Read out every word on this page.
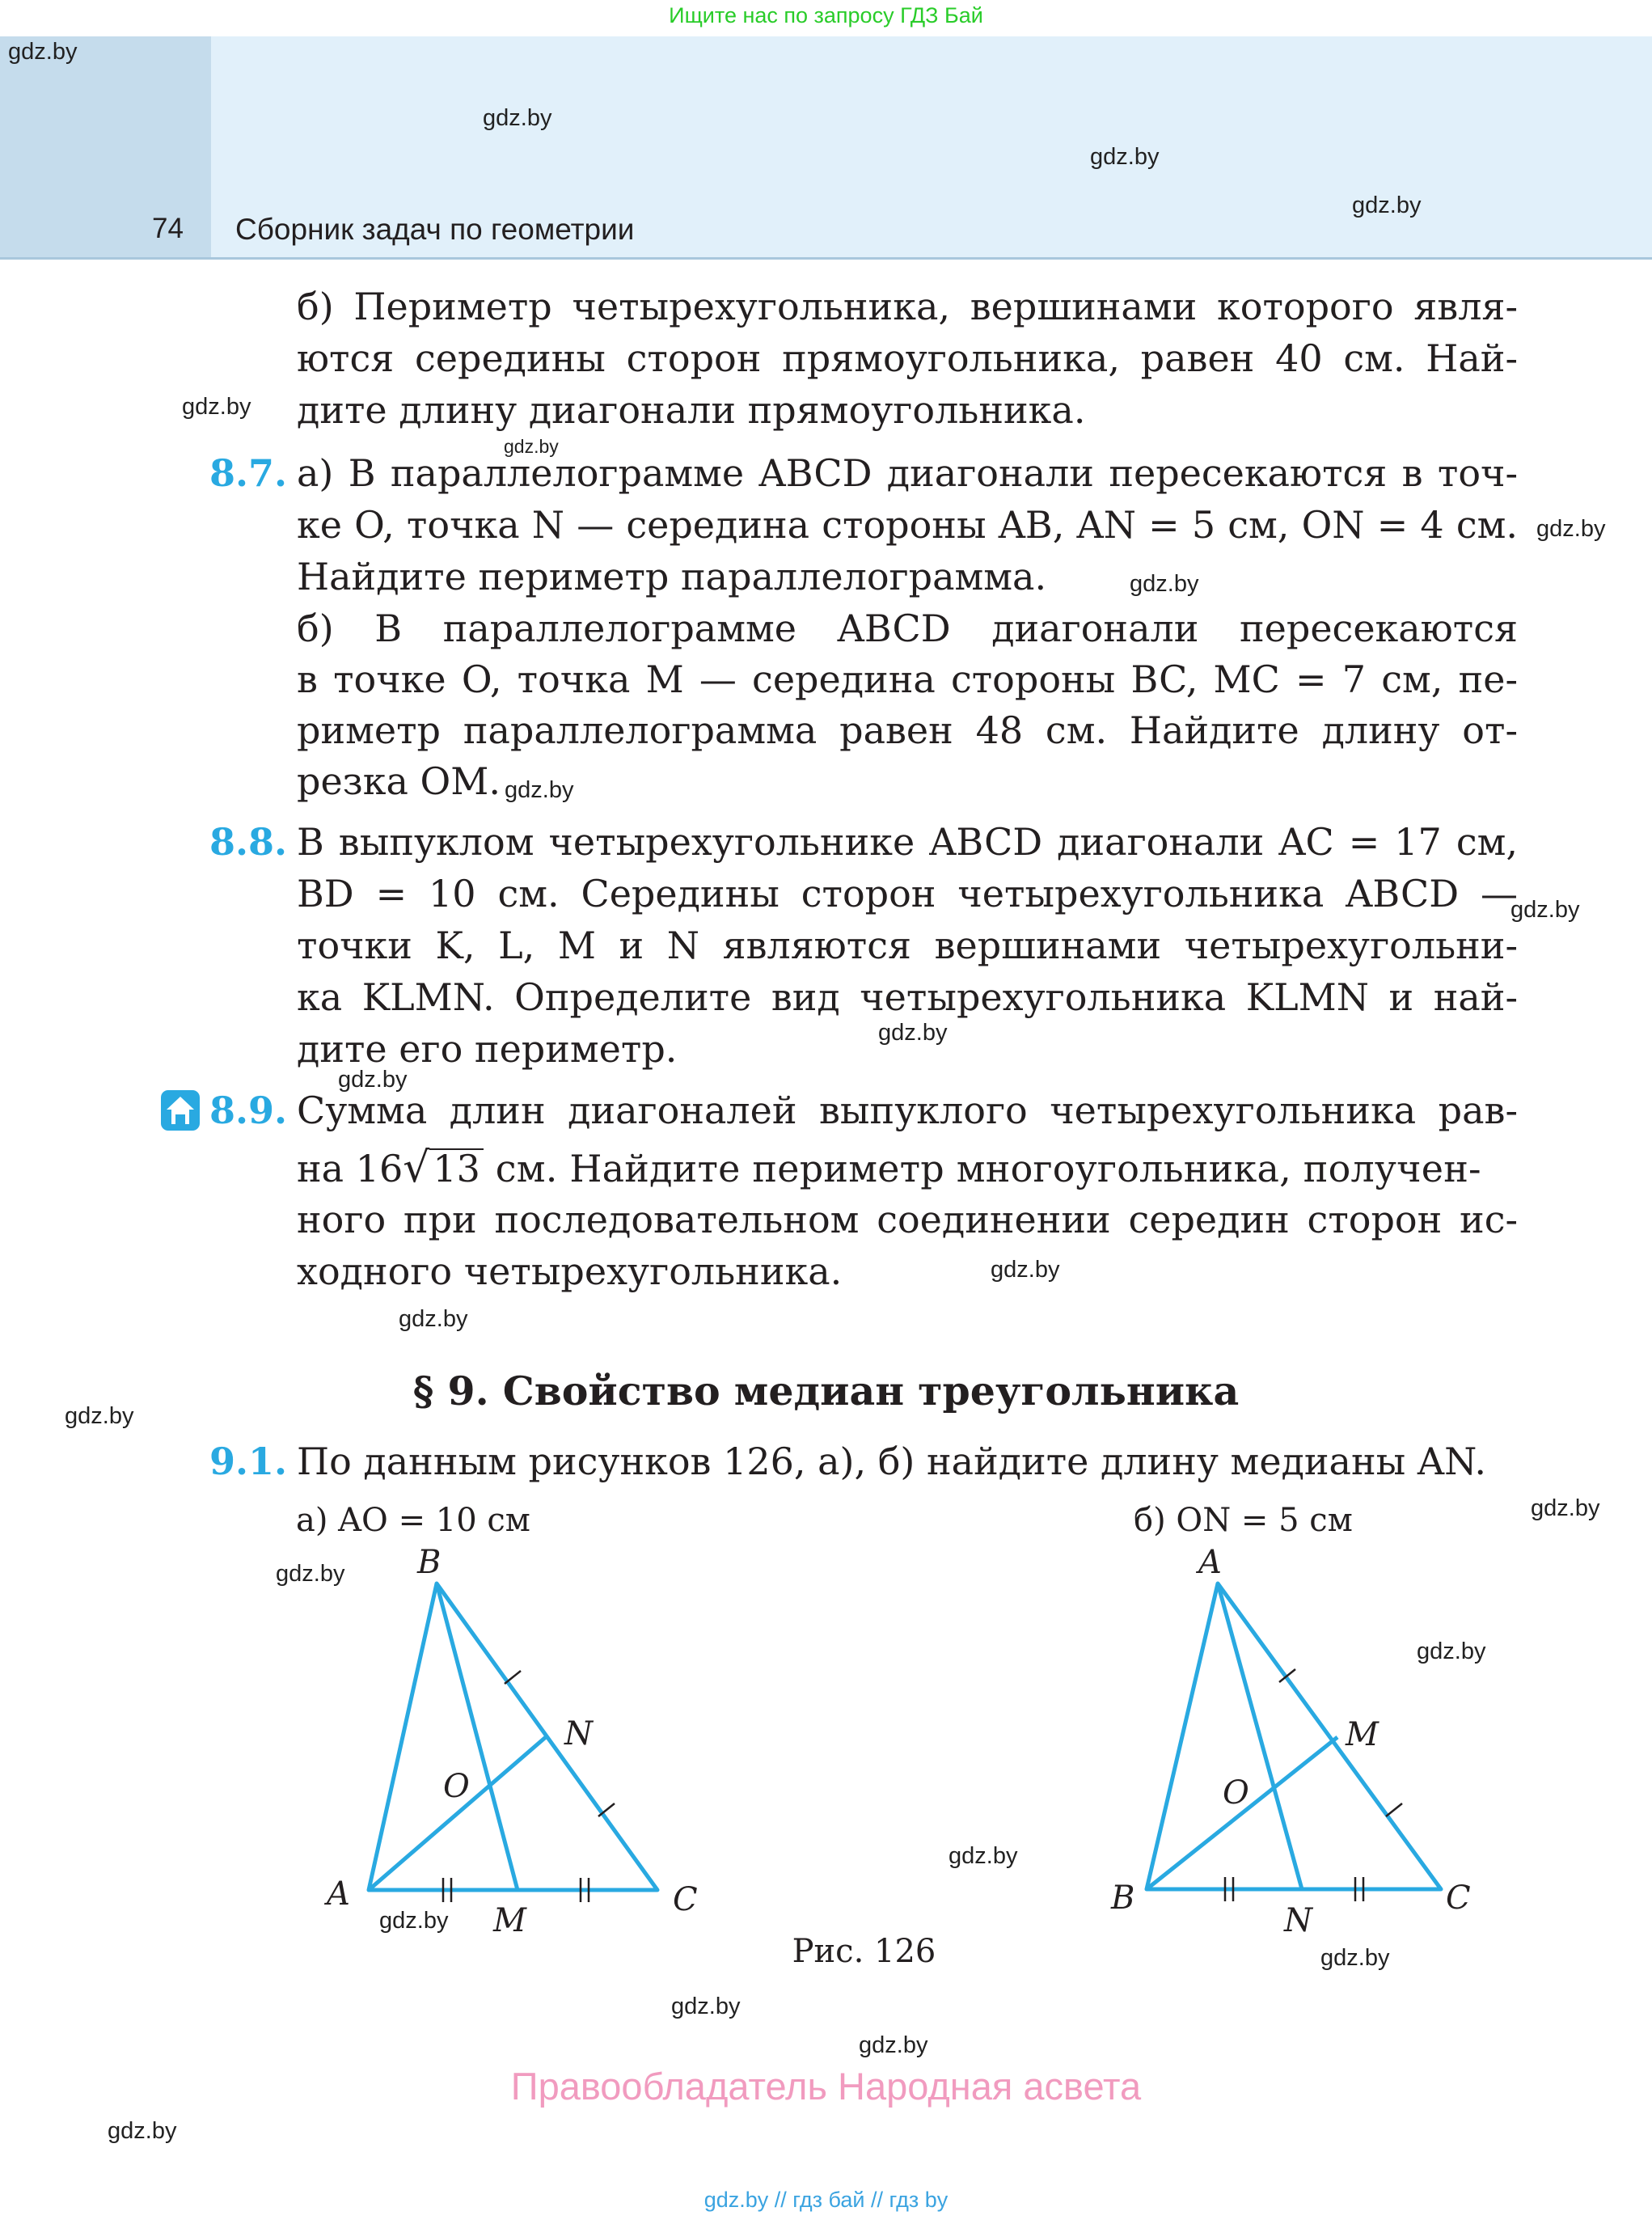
Ищите нас по запросу ГДЗ Бай
74 Сборник задач по геометрии
gdz.by
gdz.by
gdz.by
gdz.by
gdz.by
gdz.by
gdz.by
gdz.by
gdz.by
gdz.by
gdz.by
gdz.by
gdz.by
gdz.by
gdz.by
gdz.by
gdz.by
gdz.by
gdz.by
gdz.by
gdz.by
gdz.by
gdz.by
gdz.by
б) Периметр четырехугольника, вершинами которого явля-
ются середины сторон прямоугольника, равен 40 см. Най-
дите длину диагонали прямоугольника.
8.7. а) В параллелограмме ABCD диагонали пересекаются в точ-
ке O, точка N — середина стороны AB, AN = 5 см, ON = 4 см.
Найдите периметр параллелограмма.
б) В параллелограмме ABCD диагонали пересекаются
в точке O, точка M — середина стороны BC, MC = 7 см, пе-
риметр параллелограмма равен 48 см. Найдите длину от-
резка OM.
8.8. В выпуклом четырехугольнике ABCD диагонали AC = 17 см,
BD = 10 см. Середины сторон четырехугольника ABCD —
точки K, L, M и N являются вершинами четырехугольни-
ка KLMN. Определите вид четырехугольника KLMN и най-
дите его периметр.
8.9. Сумма длин диагоналей выпуклого четырехугольника рав-
на 16√13 см. Найдите периметр многоугольника, получен-
ного при последовательном соединении середин сторон ис-
ходного четырехугольника.
§ 9. Свойство медиан треугольника
9.1. По данным рисунков 126, а), б) найдите длину медианы AN.
а) AO = 10 см	б) ON = 5 см
B
A	C
N
M
O
A
B	C
M
N
O
Рис. 126
Правообладатель Народная асвета
gdz.by // гдз бай // гдз by
